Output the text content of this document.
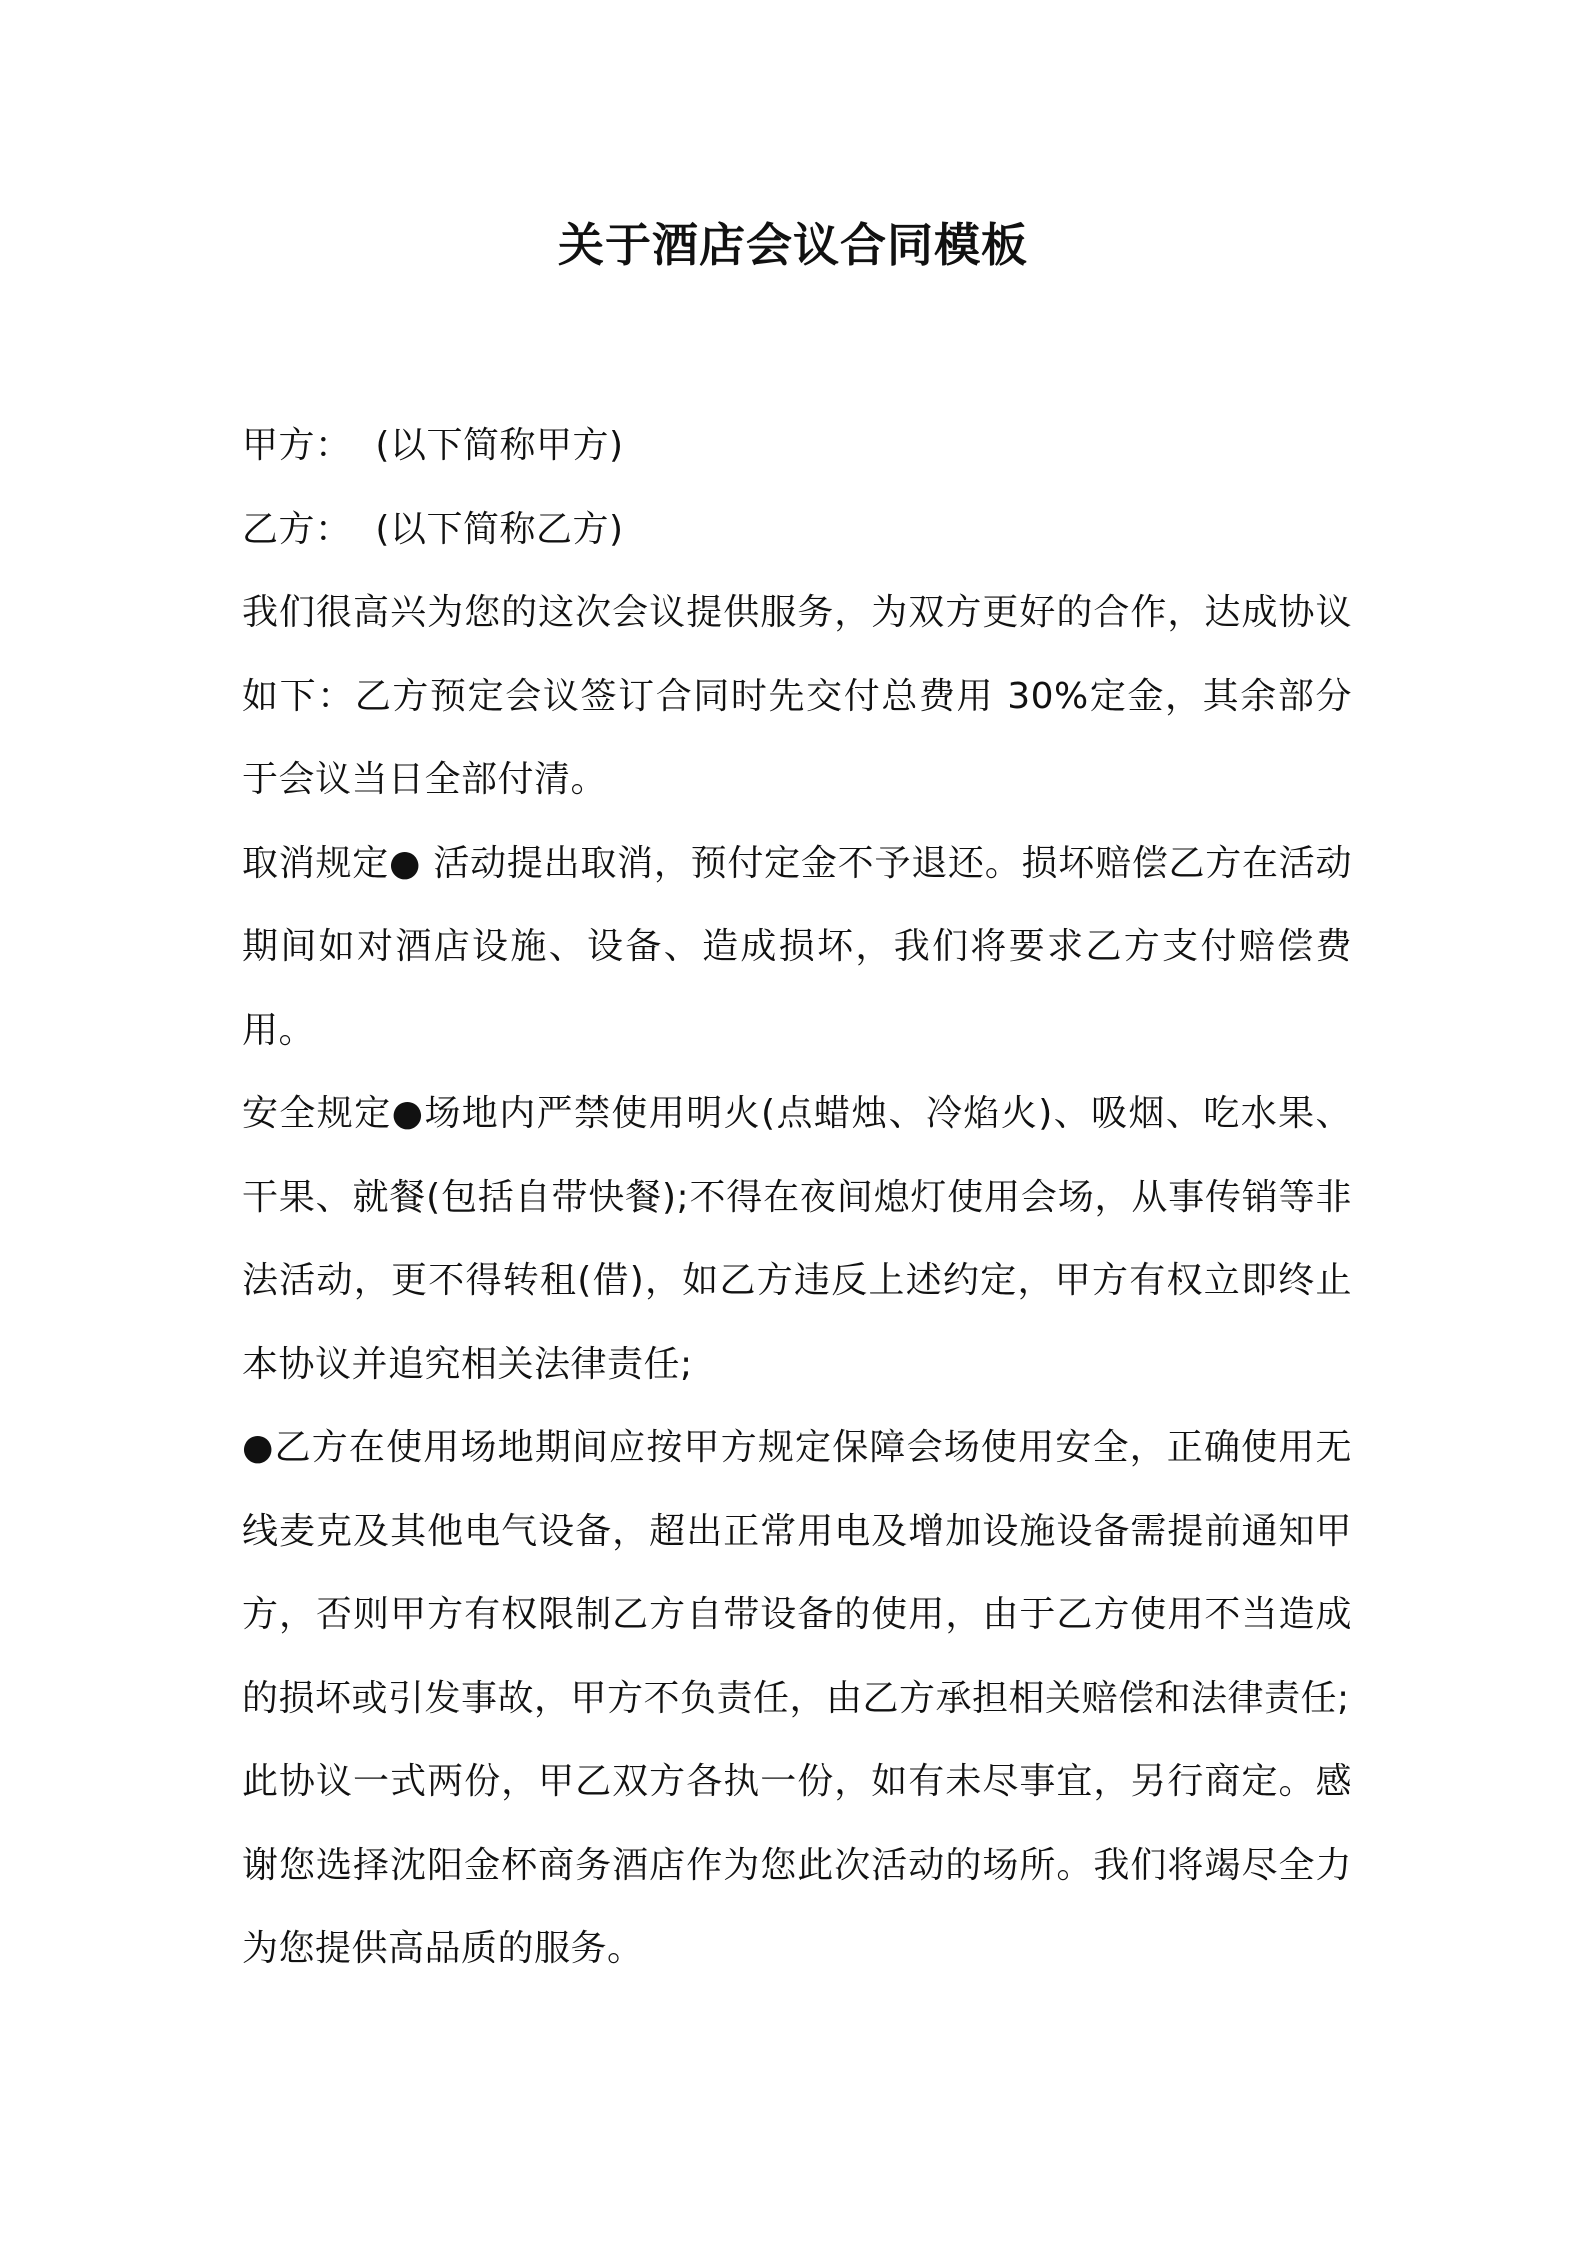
关于酒店会议合同模板

甲方： (以下简称甲方)

乙方： (以下简称乙方)

我们很高兴为您的这次会议提供服务，为双方更好的合作，达成协议如下：乙方预定会议签订合同时先交付总费用 30%定金，其余部分于会议当日全部付清。

取消规定● 活动提出取消，预付定金不予退还。损坏赔偿乙方在活动期间如对酒店设施、设备、造成损坏，我们将要求乙方支付赔偿费用。

安全规定●场地内严禁使用明火(点蜡烛、冷焰火)、吸烟、吃水果、干果、就餐(包括自带快餐);不得在夜间熄灯使用会场，从事传销等非法活动，更不得转租(借)，如乙方违反上述约定，甲方有权立即终止本协议并追究相关法律责任;

●乙方在使用场地期间应按甲方规定保障会场使用安全，正确使用无线麦克及其他电气设备，超出正常用电及增加设施设备需提前通知甲方，否则甲方有权限制乙方自带设备的使用，由于乙方使用不当造成的损坏或引发事故，甲方不负责任，由乙方承担相关赔偿和法律责任;

此协议一式两份，甲乙双方各执一份，如有未尽事宜，另行商定。感谢您选择沈阳金杯商务酒店作为您此次活动的场所。我们将竭尽全力为您提供高品质的服务。
